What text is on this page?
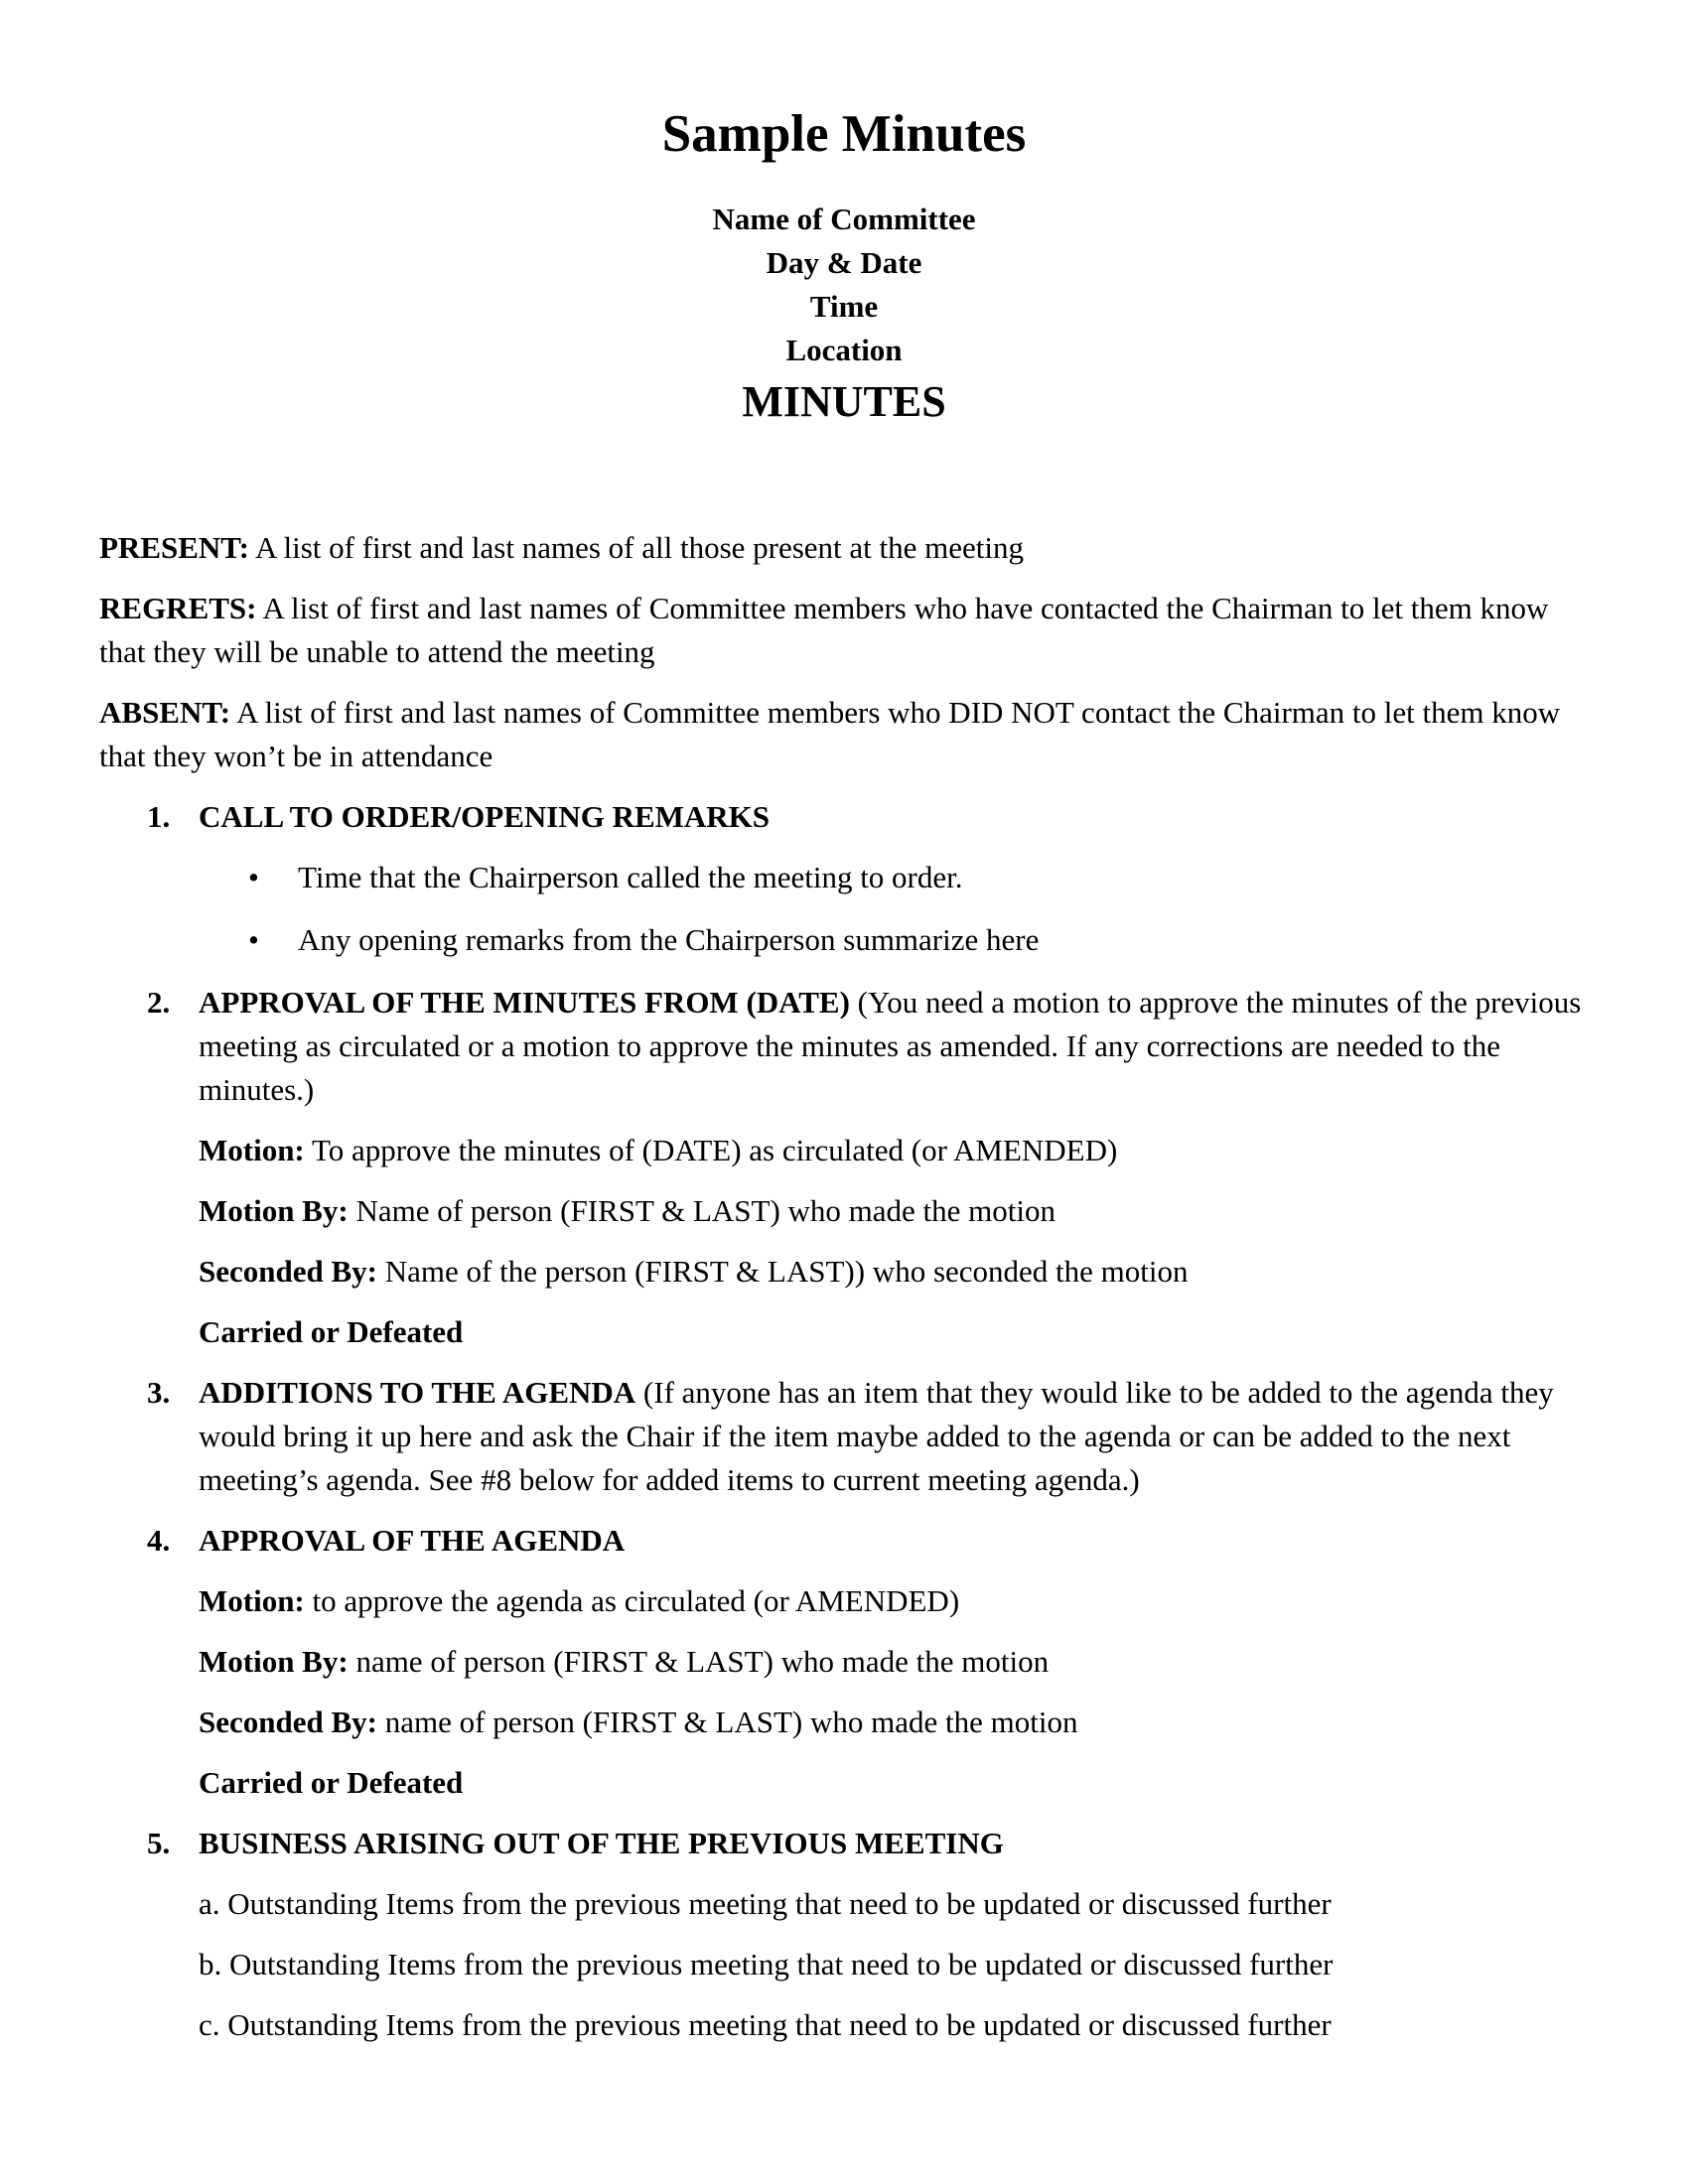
Sample Minutes
Name of Committee
Day & Date
Time
Location
MINUTES

PRESENT: A list of first and last names of all those present at the meeting

REGRETS: A list of first and last names of Committee members who have contacted the Chairman to let them know that they will be unable to attend the meeting

ABSENT: A list of first and last names of Committee members who DID NOT contact the Chairman to let them know that they won’t be in attendance

1. CALL TO ORDER/OPENING REMARKS

• Time that the Chairperson called the meeting to order.
• Any opening remarks from the Chairperson summarize here
2. APPROVAL OF THE MINUTES FROM (DATE) (You need a motion to approve the minutes of the previous meeting as circulated or a motion to approve the minutes as amended. If any corrections are needed to the minutes.)

Motion: To approve the minutes of (DATE) as circulated (or AMENDED)

Motion By: Name of person (FIRST & LAST) who made the motion

Seconded By: Name of the person (FIRST & LAST)) who seconded the motion

Carried or Defeated

3. ADDITIONS TO THE AGENDA (If anyone has an item that they would like to be added to the agenda they would bring it up here and ask the Chair if the item maybe added to the agenda or can be added to the next meeting’s agenda. See #8 below for added items to current meeting agenda.)

4. APPROVAL OF THE AGENDA

Motion: to approve the agenda as circulated (or AMENDED)

Motion By: name of person (FIRST & LAST) who made the motion

Seconded By: name of person (FIRST & LAST) who made the motion

Carried or Defeated

5. BUSINESS ARISING OUT OF THE PREVIOUS MEETING

a. Outstanding Items from the previous meeting that need to be updated or discussed further

b. Outstanding Items from the previous meeting that need to be updated or discussed further

c. Outstanding Items from the previous meeting that need to be updated or discussed further
